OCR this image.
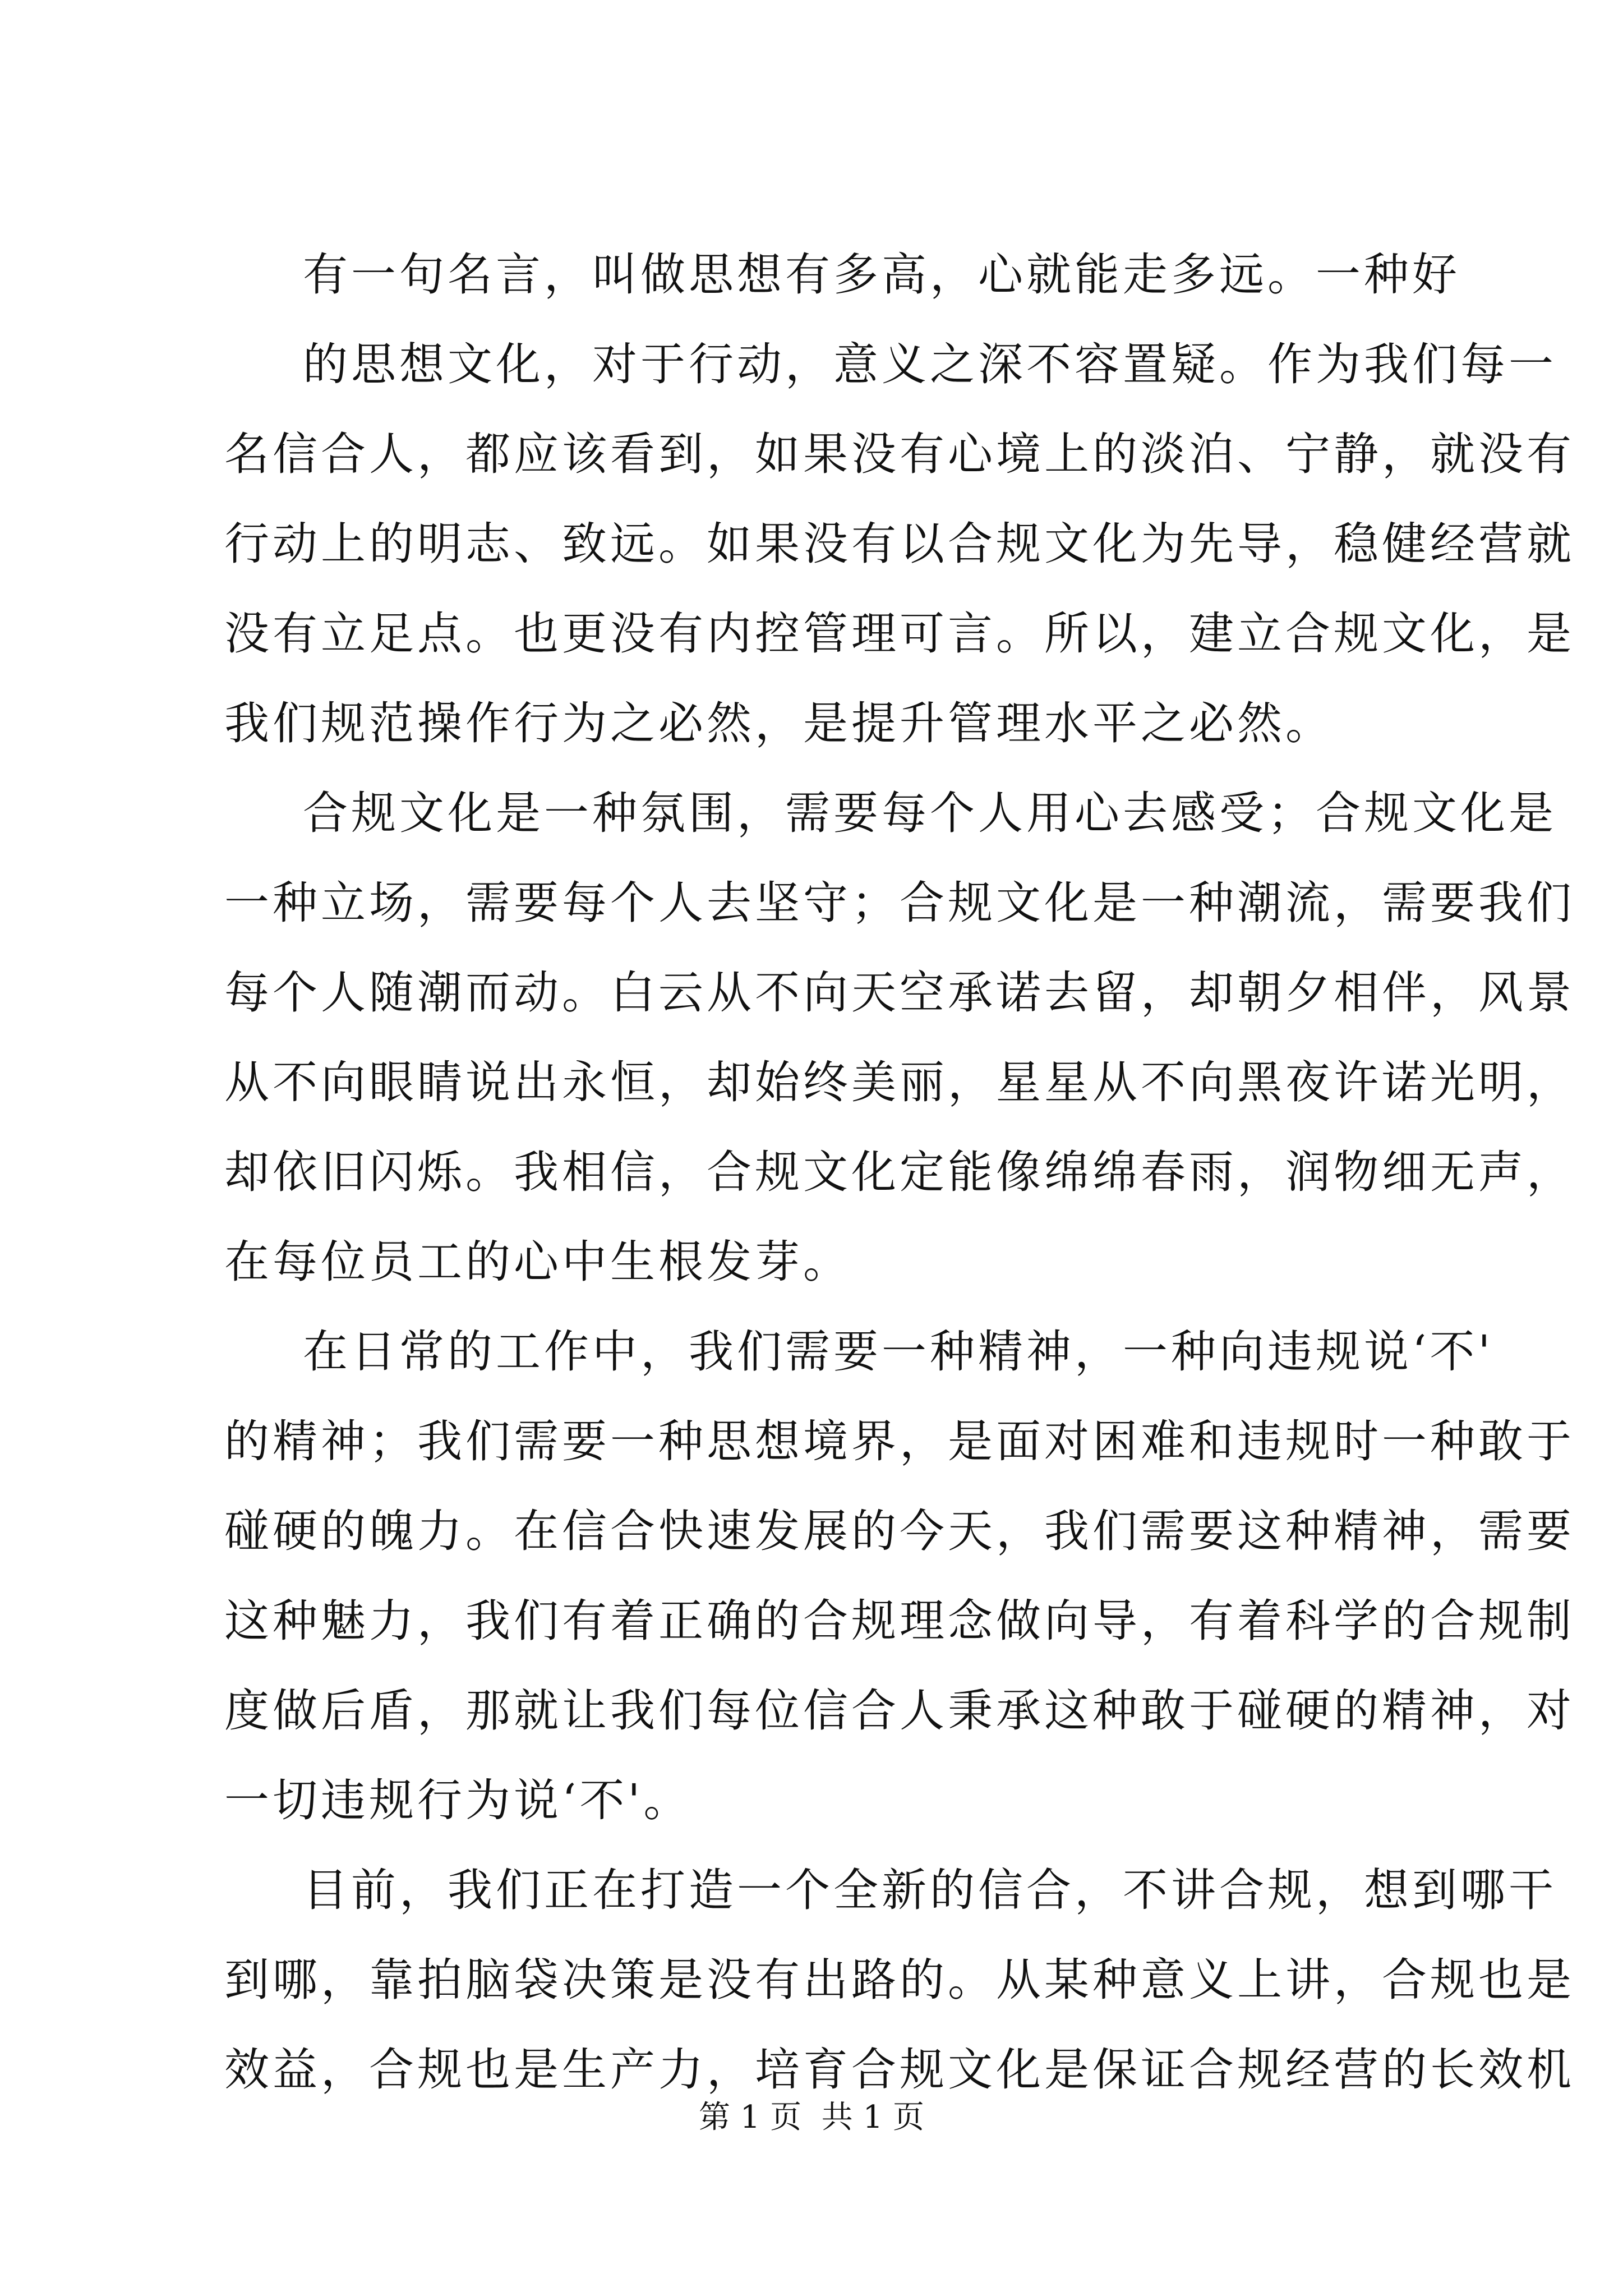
有一句名言，叫做思想有多高，心就能走多远。一种好
的思想文化，对于行动，意义之深不容置疑。作为我们每一
名信合人，都应该看到，如果没有心境上的淡泊、宁静，就没有
行动上的明志、致远。如果没有以合规文化为先导，稳健经营就
没有立足点。也更没有内控管理可言。所以，建立合规文化，是
我们规范操作行为之必然，是提升管理水平之必然。
合规文化是一种氛围，需要每个人用心去感受；合规文化是
一种立场，需要每个人去坚守；合规文化是一种潮流，需要我们
每个人随潮而动。白云从不向天空承诺去留，却朝夕相伴，风景
从不向眼睛说出永恒，却始终美丽，星星从不向黑夜许诺光明，
却依旧闪烁。我相信，合规文化定能像绵绵春雨，润物细无声，
在每位员工的心中生根发芽。
在日常的工作中，我们需要一种精神，一种向违规说‘不'
的精神；我们需要一种思想境界，是面对困难和违规时一种敢于
碰硬的魄力。在信合快速发展的今天，我们需要这种精神，需要
这种魅力，我们有着正确的合规理念做向导，有着科学的合规制
度做后盾，那就让我们每位信合人秉承这种敢于碰硬的精神，对
一切违规行为说‘不'。
目前，我们正在打造一个全新的信合，不讲合规，想到哪干
到哪，靠拍脑袋决策是没有出路的。从某种意义上讲，合规也是
效益，合规也是生产力，培育合规文化是保证合规经营的长效机
第 1 页  共 1 页
